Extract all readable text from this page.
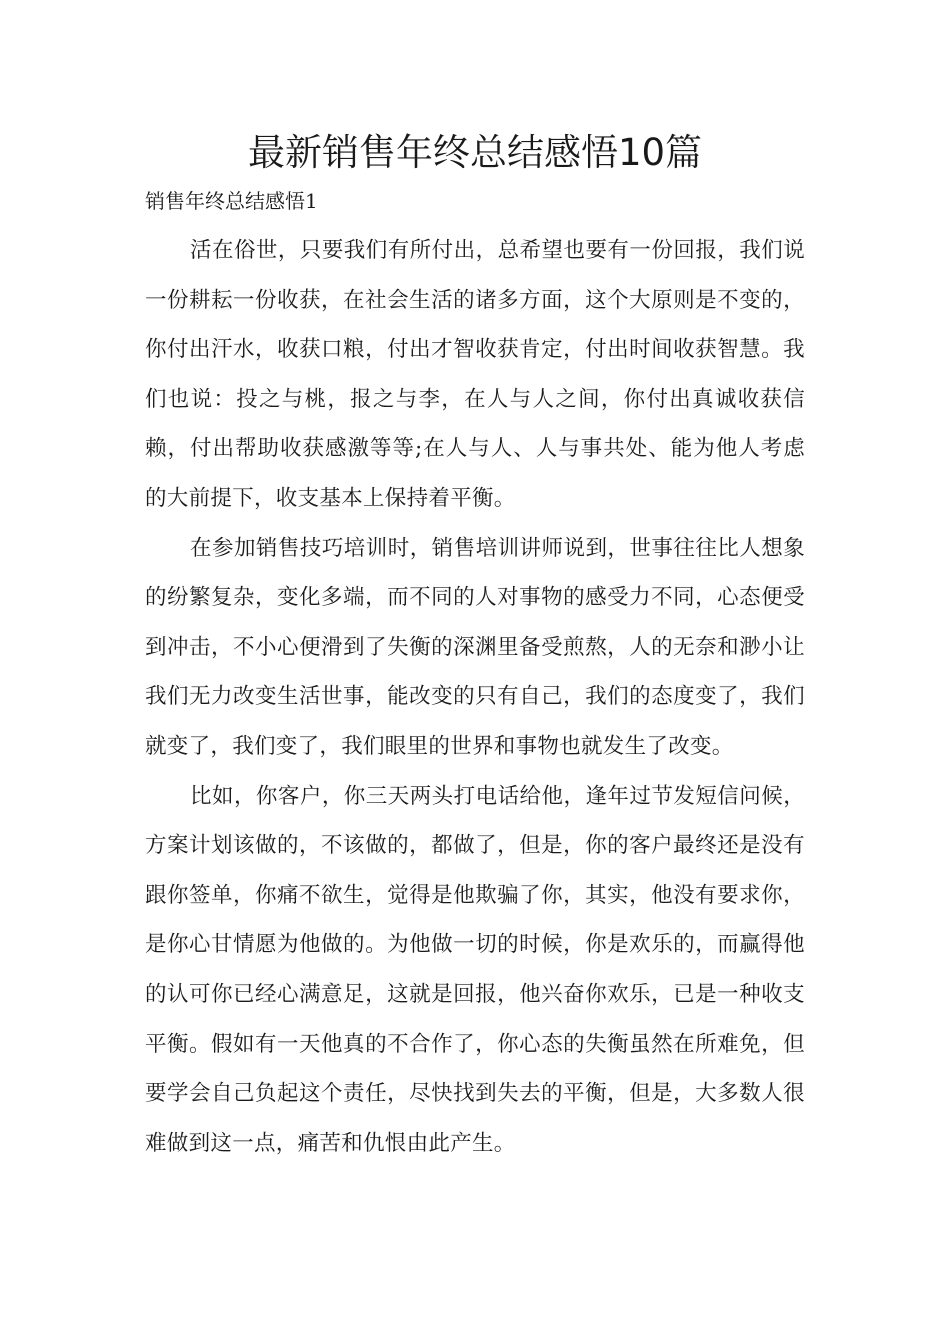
最新销售年终总结感悟10篇

销售年终总结感悟1

活在俗世，只要我们有所付出，总希望也要有一份回报，我们说一份耕耘一份收获，在社会生活的诸多方面，这个大原则是不变的，你付出汗水，收获口粮，付出才智收获肯定，付出时间收获智慧。我们也说：投之与桃，报之与李，在人与人之间，你付出真诚收获信赖，付出帮助收获感激等等;在人与人、人与事共处、能为他人考虑的大前提下，收支基本上保持着平衡。

在参加销售技巧培训时，销售培训讲师说到，世事往往比人想象的纷繁复杂，变化多端，而不同的人对事物的感受力不同，心态便受到冲击，不小心便滑到了失衡的深渊里备受煎熬，人的无奈和渺小让我们无力改变生活世事，能改变的只有自己，我们的态度变了，我们就变了，我们变了，我们眼里的世界和事物也就发生了改变。

比如，你客户，你三天两头打电话给他，逢年过节发短信问候，方案计划该做的，不该做的，都做了，但是，你的客户最终还是没有跟你签单，你痛不欲生，觉得是他欺骗了你，其实，他没有要求你，是你心甘情愿为他做的。为他做一切的时候，你是欢乐的，而赢得他的认可你已经心满意足，这就是回报，他兴奋你欢乐，已是一种收支平衡。假如有一天他真的不合作了，你心态的失衡虽然在所难免，但要学会自己负起这个责任，尽快找到失去的平衡，但是，大多数人很难做到这一点，痛苦和仇恨由此产生。
